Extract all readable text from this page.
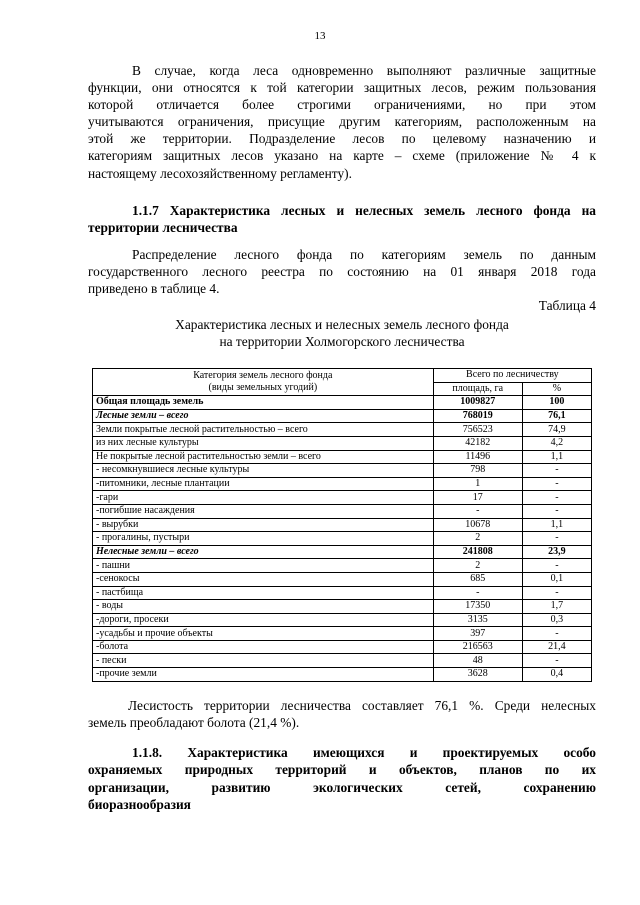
13
В случае, когда леса одновременно выполняют различные защитные
функции, они относятся к той категории защитных лесов, режим пользования
которой отличается более строгими ограничениями, но при этом
учитываются ограничения, присущие другим категориям, расположенным на
этой же территории. Подразделение лесов по целевому назначению и
категориям защитных лесов указано на карте – схеме (приложение № 4 к
настоящему лесохозяйственному регламенту).
1.1.7 Характеристика лесных и нелесных земель лесного фонда на
территории лесничества
Распределение лесного фонда по категориям земель по данным
государственного лесного реестра по состоянию на 01 января 2018 года
приведено в таблице 4.
Таблица 4
Характеристика лесных и нелесных земель лесного фонда
на территории Холмогорского лесничества
Категория земель лесного фонда
(виды земельных угодий)	Всего по лесничеству	
	площадь, га	%
Общая площадь земель	1009827	100
Лесные земли – всего	768019	76,1
Земли покрытые лесной растительностью – всего	756523	74,9
из них лесные культуры	42182	4,2
Не покрытые лесной растительностью земли – всего	11496	1,1
- несомкнувшиеся лесные культуры	798	-
-питомники, лесные плантации	1	-
-гари	17	-
-погибшие насаждения	-	-
- вырубки	10678	1,1
- прогалины, пустыри	2	-
Нелесные земли – всего	241808	23,9
- пашни	2	-
-сенокосы	685	0,1
- пастбища	-	-
- воды	17350	1,7
-дороги, просеки	3135	0,3
-усадьбы и прочие объекты	397	-
-болота	216563	21,4
- пески	48	-
-прочие земли	3628	0,4
Лесистость территории лесничества составляет 76,1 %. Среди нелесных
земель преобладают болота (21,4 %).
1.1.8. Характеристика имеющихся и проектируемых особо
охраняемых природных территорий и объектов, планов по их
организации, развитию экологических сетей, сохранению
биоразнообразия
